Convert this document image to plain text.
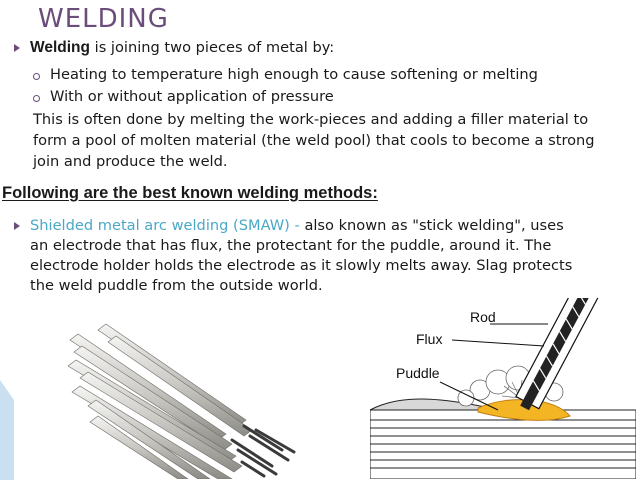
WELDING
Welding is joining two pieces of metal by:
Heating to temperature high enough to cause softening or melting
With or without application of pressure
This is often done by melting the work-pieces and adding a filler material to
form a pool of molten material (the weld pool) that cools to become a strong
join and produce the weld.
Following are the best known welding methods:
Shielded metal arc welding (SMAW) - also known as "stick welding", uses
an electrode that has flux, the protectant for the puddle, around it. The
electrode holder holds the electrode as it slowly melts away. Slag protects
the weld puddle from the outside world.
Rod
Flux
Puddle
